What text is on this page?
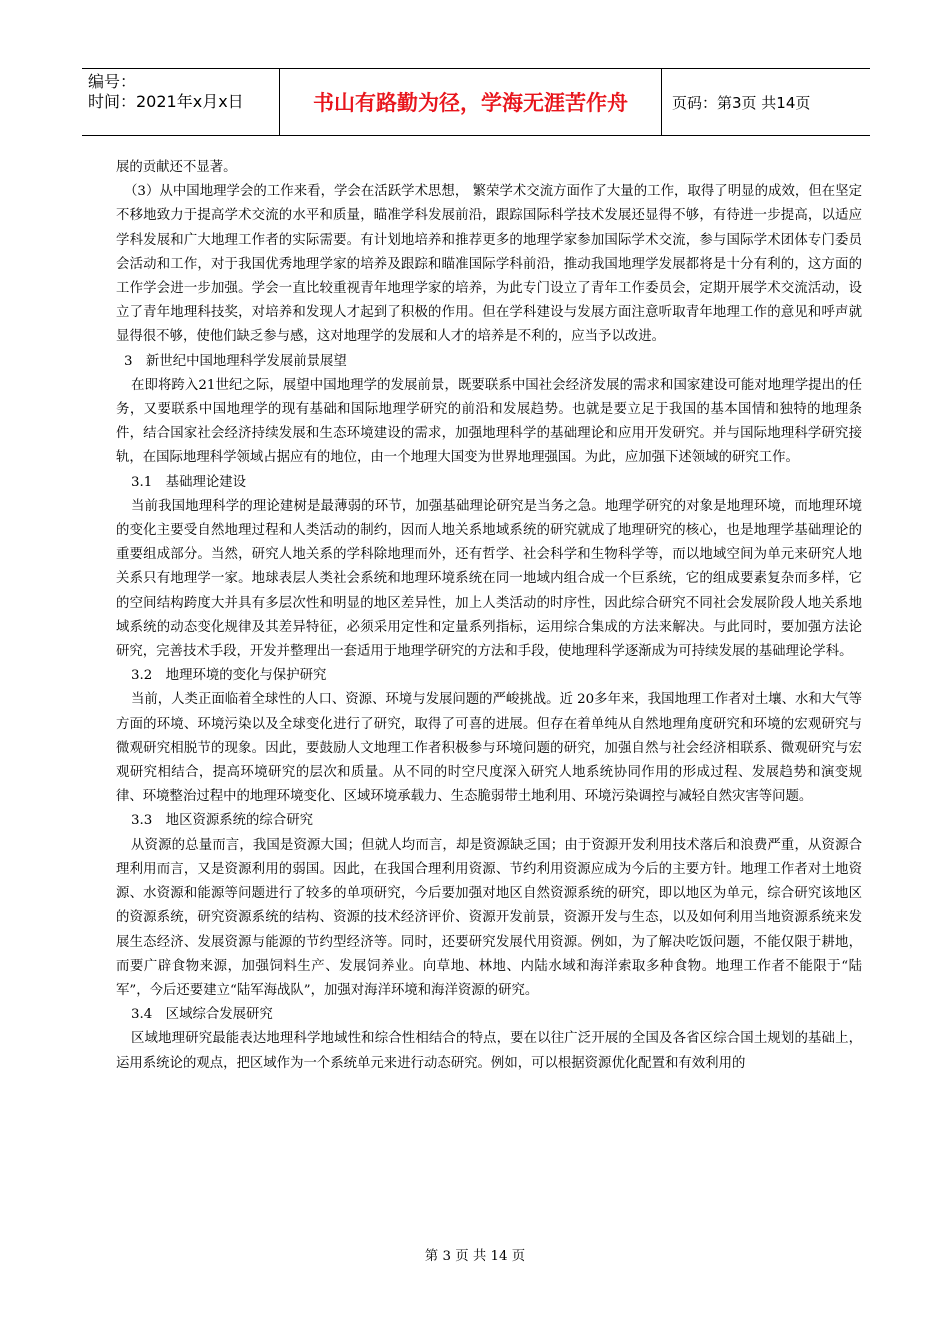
编号：
时间：2021年x月x日	书山有路勤为径，学海无涯苦作舟	页码：第3页 共14页

展的贡献还不显著。

（3）从中国地理学会的工作来看，学会在活跃学术思想， 繁荣学术交流方面作了大量的工作，取得了明显的成效，但在坚定不移地致力于提高学术交流的水平和质量，瞄准学科发展前沿，跟踪国际科学技术发展还显得不够，有待进一步提高，以适应学科发展和广大地理工作者的实际需要。有计划地培养和推荐更多的地理学家参加国际学术交流，参与国际学术团体专门委员会活动和工作，对于我国优秀地理学家的培养及跟踪和瞄准国际学科前沿，推动我国地理学发展都将是十分有利的，这方面的工作学会进一步加强。学会一直比较重视青年地理学家的培养，为此专门设立了青年工作委员会，定期开展学术交流活动，设立了青年地理科技奖，对培养和发现人才起到了积极的作用。但在学科建设与发展方面注意听取青年地理工作的意见和呼声就显得很不够，使他们缺乏参与感，这对地理学的发展和人才的培养是不利的，应当予以改进。

3　新世纪中国地理科学发展前景展望

在即将跨入21世纪之际，展望中国地理学的发展前景，既要联系中国社会经济发展的需求和国家建设可能对地理学提出的任务，又要联系中国地理学的现有基础和国际地理学研究的前沿和发展趋势。也就是要立足于我国的基本国情和独特的地理条件，结合国家社会经济持续发展和生态环境建设的需求，加强地理科学的基础理论和应用开发研究。并与国际地理科学研究接轨，在国际地理科学领域占据应有的地位，由一个地理大国变为世界地理强国。为此，应加强下述领域的研究工作。

3.1　基础理论建设

当前我国地理科学的理论建树是最薄弱的环节，加强基础理论研究是当务之急。地理学研究的对象是地理环境，而地理环境的变化主要受自然地理过程和人类活动的制约，因而人地关系地域系统的研究就成了地理研究的核心，也是地理学基础理论的重要组成部分。当然，研究人地关系的学科除地理而外，还有哲学、社会科学和生物科学等，而以地域空间为单元来研究人地关系只有地理学一家。地球表层人类社会系统和地理环境系统在同一地域内组合成一个巨系统，它的组成要素复杂而多样，它的空间结构跨度大并具有多层次性和明显的地区差异性，加上人类活动的时序性，因此综合研究不同社会发展阶段人地关系地域系统的动态变化规律及其差异特征，必须采用定性和定量系列指标，运用综合集成的方法来解决。与此同时，要加强方法论研究，完善技术手段，开发并整理出一套适用于地理学研究的方法和手段，使地理科学逐渐成为可持续发展的基础理论学科。

3.2　地理环境的变化与保护研究

当前，人类正面临着全球性的人口、资源、环境与发展问题的严峻挑战。近 20多年来，我国地理工作者对土壤、水和大气等方面的环境、环境污染以及全球变化进行了研究，取得了可喜的进展。但存在着单纯从自然地理角度研究和环境的宏观研究与微观研究相脱节的现象。因此，要鼓励人文地理工作者积极参与环境问题的研究，加强自然与社会经济相联系、微观研究与宏观研究相结合，提高环境研究的层次和质量。从不同的时空尺度深入研究人地系统协同作用的形成过程、发展趋势和演变规律、环境整治过程中的地理环境变化、区域环境承载力、生态脆弱带土地利用、环境污染调控与减轻自然灾害等问题。

3.3　地区资源系统的综合研究

从资源的总量而言，我国是资源大国；但就人均而言，却是资源缺乏国；由于资源开发利用技术落后和浪费严重，从资源合理利用而言，又是资源利用的弱国。因此，在我国合理利用资源、节约利用资源应成为今后的主要方针。地理工作者对土地资源、水资源和能源等问题进行了较多的单项研究，今后要加强对地区自然资源系统的研究，即以地区为单元，综合研究该地区的资源系统，研究资源系统的结构、资源的技术经济评价、资源开发前景，资源开发与生态，以及如何利用当地资源系统来发展生态经济、发展资源与能源的节约型经济等。同时，还要研究发展代用资源。例如，为了解决吃饭问题，不能仅限于耕地，而要广辟食物来源，加强饲料生产、发展饲养业。向草地、林地、内陆水域和海洋索取多种食物。地理工作者不能限于“陆军”，今后还要建立“陆军海战队”，加强对海洋环境和海洋资源的研究。

3.4　区域综合发展研究

区域地理研究最能表达地理科学地域性和综合性相结合的特点，要在以往广泛开展的全国及各省区综合国土规划的基础上，运用系统论的观点，把区域作为一个系统单元来进行动态研究。例如，可以根据资源优化配置和有效利用的

第 3 页 共 14 页
